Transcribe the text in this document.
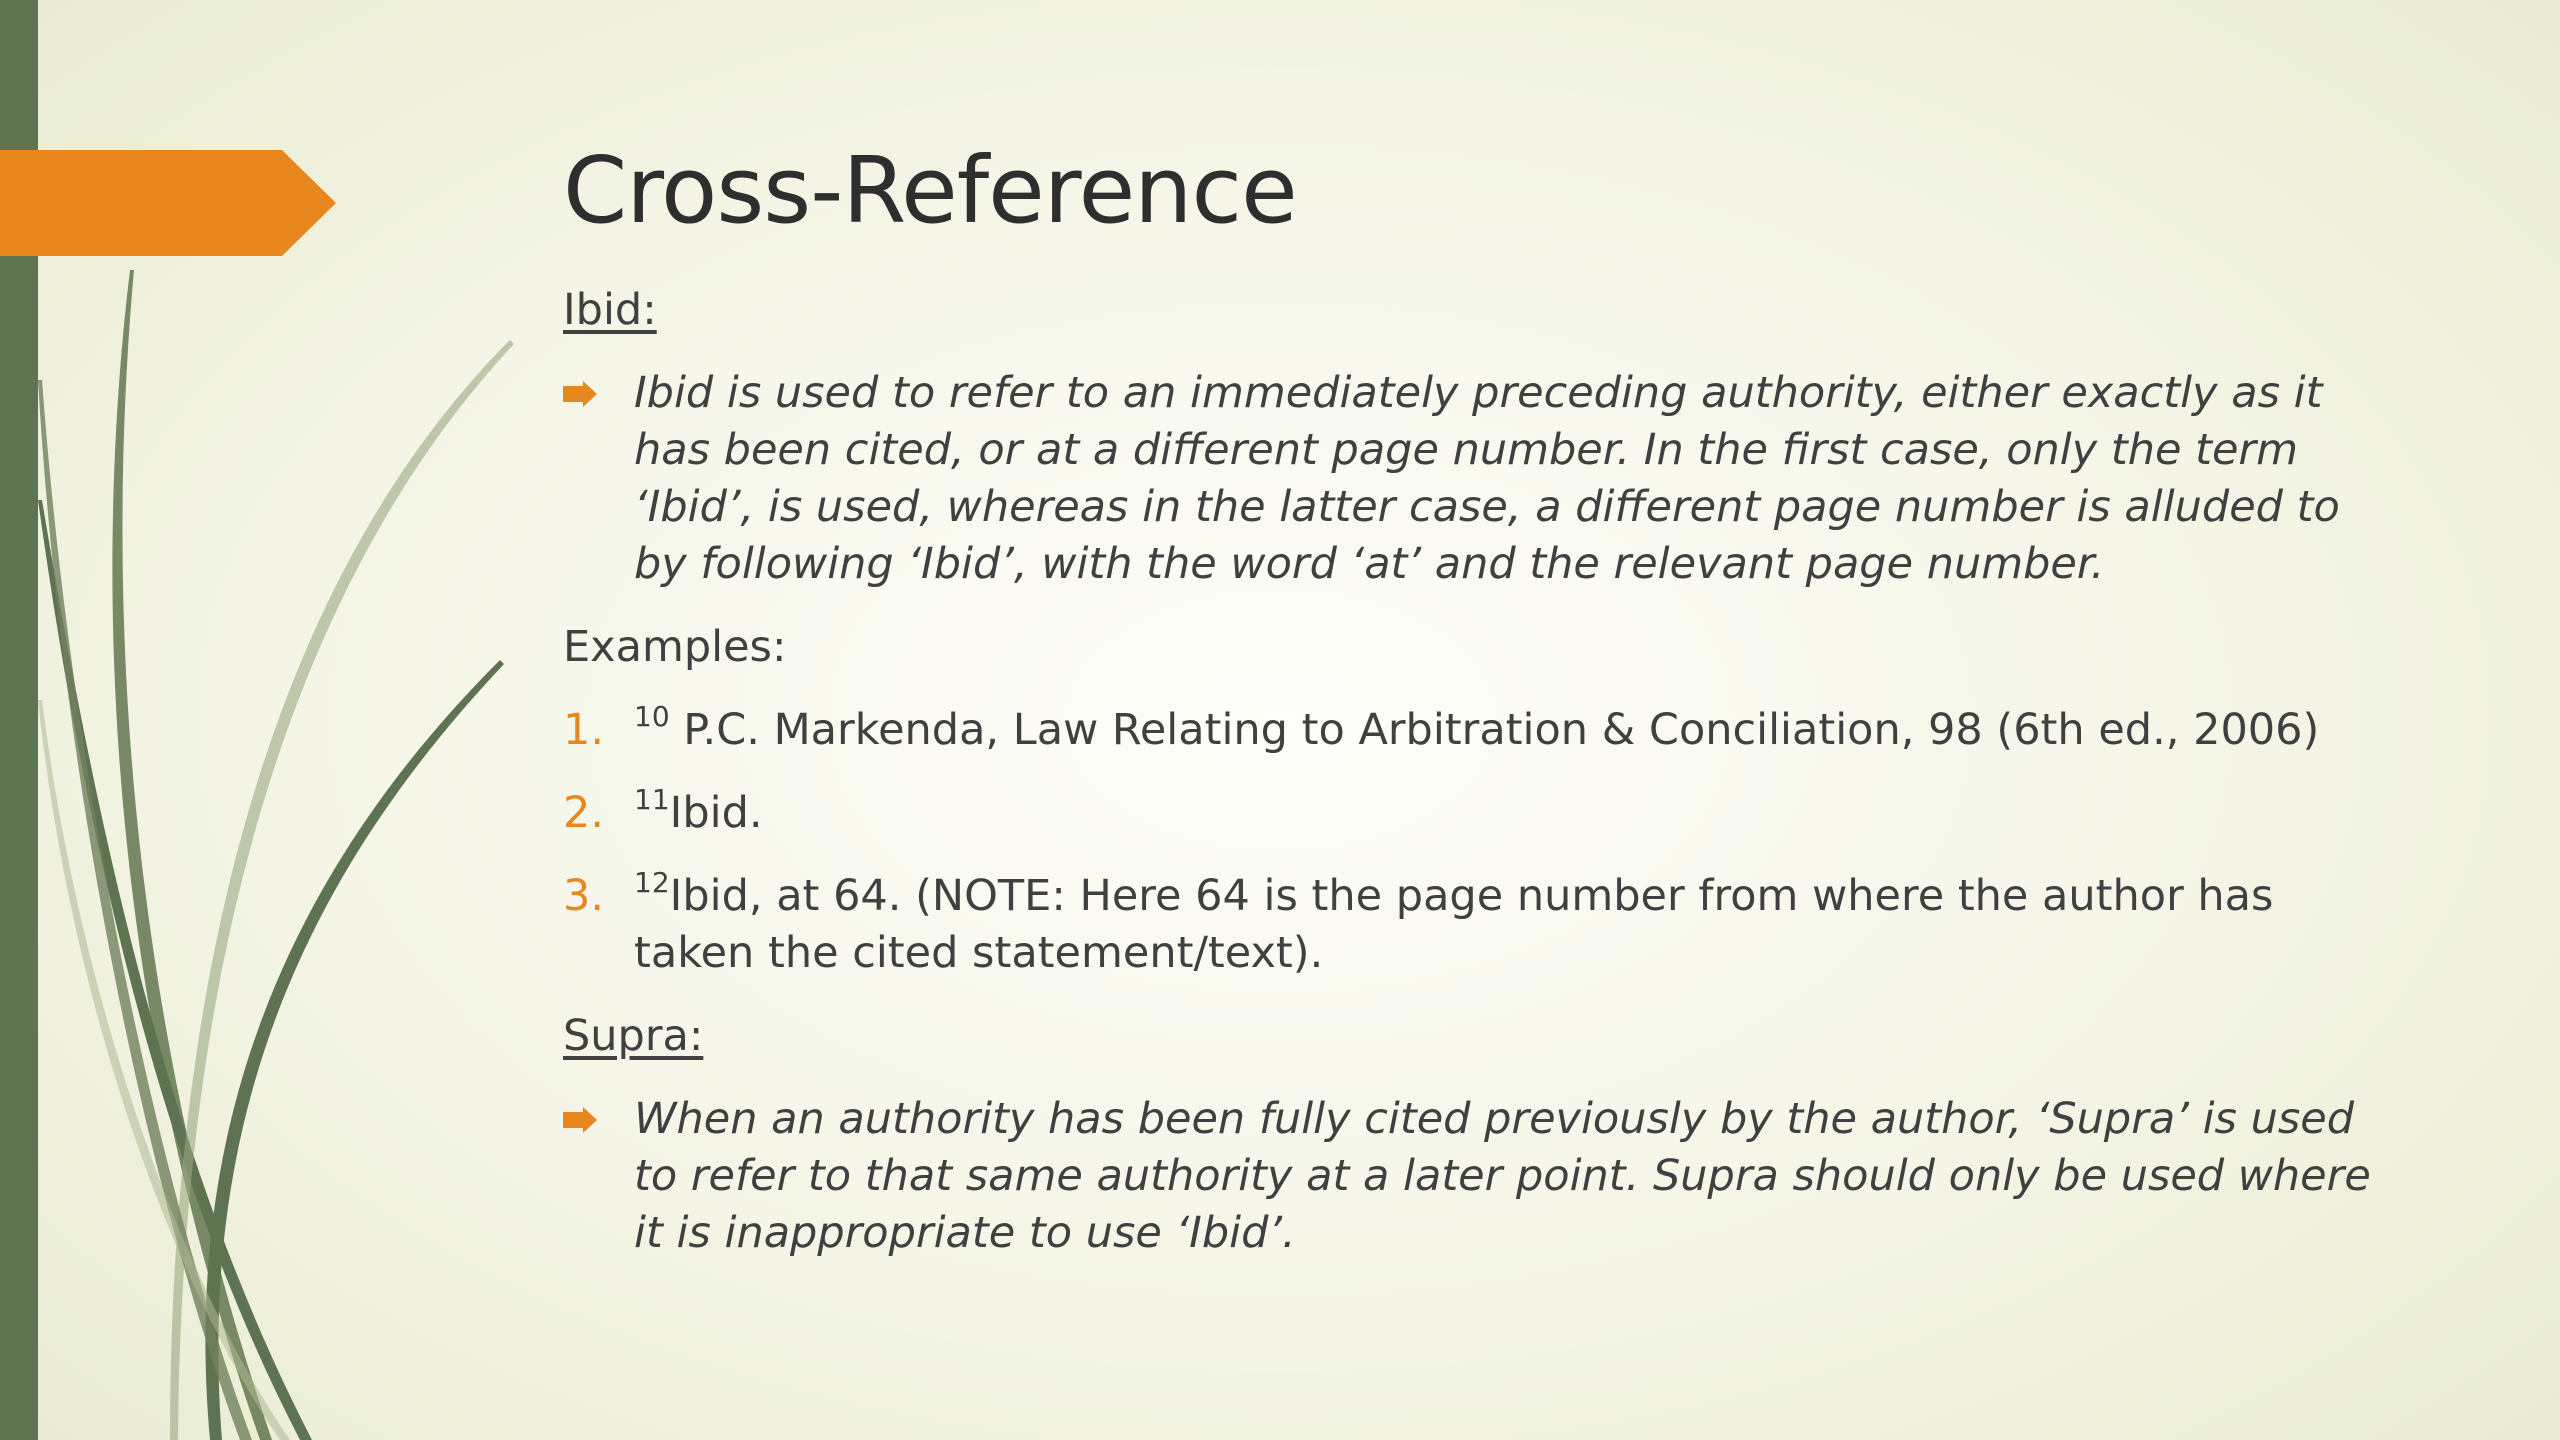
Cross-Reference

Ibid:

Ibid is used to refer to an immediately preceding authority, either exactly as it has been cited, or at a different page number. In the first case, only the term ‘Ibid’, is used, whereas in the latter case, a different page number is alluded to by following ‘Ibid’, with the word ‘at’ and the relevant page number.

Examples:

1. $^{10}$ P.C. Markenda, Law Relating to Arbitration & Conciliation, 98 (6th ed., 2006)
2. $^{11}$Ibid.
3. $^{12}$Ibid, at 64. (NOTE: Here 64 is the page number from where the author has taken the cited statement/text).

Supra:

When an authority has been fully cited previously by the author, ‘Supra’ is used to refer to that same authority at a later point. Supra should only be used where it is inappropriate to use ‘Ibid’.
